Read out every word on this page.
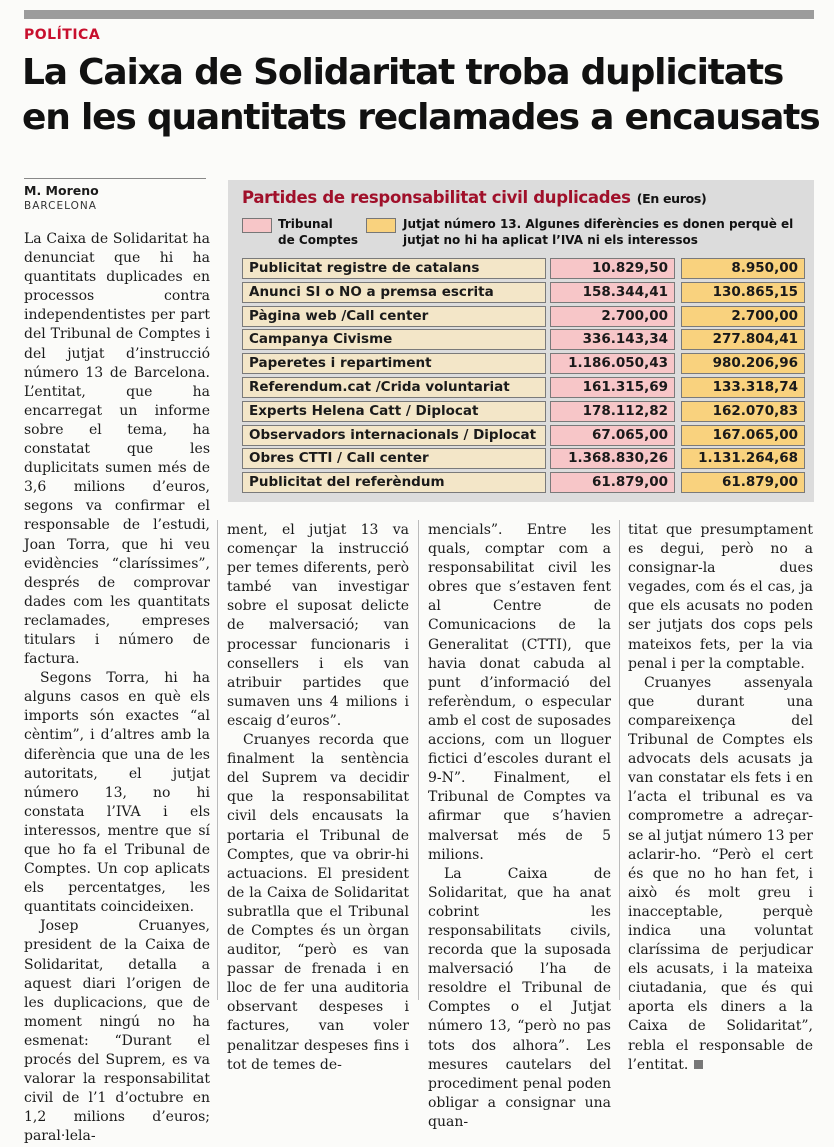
POLÍTICA
La Caixa de Solidaritat troba duplicitats
en les quantitats reclamades a encausats
M. Moreno
BARCELONA	Partides de responsabilitat civil duplicades (En euros)
Tribunal
de Comptes
Jutjat número 13. Algunes diferències es donen perquè el
jutjat no hi ha aplicat l’IVA ni els interessos
Publicitat registre de catalans	10.829,50	8.950,00
Anunci SI o NO a premsa escrita	158.344,41	130.865,15
Pàgina web /Call center	2.700,00	2.700,00
Campanya Civisme	336.143,34	277.804,41
Paperetes i repartiment	1.186.050,43	980.206,96
Referendum.cat /Crida voluntariat	161.315,69	133.318,74
Experts Helena Catt / Diplocat	178.112,82	162.070,83
Observadors internacionals / Diplocat	67.065,00	167.065,00
Obres CTTI / Call center	1.368.830,26	1.131.264,68
Publicitat del referèndum	61.879,00	61.879,00

La Caixa de Solidaritat ha denunciat que hi ha quantitats duplicades en processos contra independentistes per part del Tribunal de Comptes i del jutjat d’instrucció número 13 de Barcelona. L’entitat, que ha encarregat un informe sobre el tema, ha constatat que les duplicitats sumen més de 3,6 milions d’euros, segons va confirmar el responsable de l’estudi, Joan Torra, que hi veu evidències “claríssimes”, després de comprovar dades com les quantitats reclamades, empreses titulars i número de factura.

Segons Torra, hi ha alguns casos en què els imports són exactes “al cèntim”, i d’altres amb la diferència que una de les autoritats, el jutjat número 13, no hi constata l’IVA i els interessos, mentre que sí que ho fa el Tribunal de Comptes. Un cop aplicats els percentatges, les quantitats coincideixen.

Josep Cruanyes, president de la Caixa de Solidaritat, detalla a aquest diari l’origen de les duplicacions, que de moment ningú no ha esmenat: “Durant el procés del Suprem, es va valorar la responsabilitat civil de l’1 d’octubre en 1,2 milions d’euros; paral·lela-

ment, el jutjat 13 va començar la instrucció per temes diferents, però també van investigar sobre el suposat delicte de malversació; van processar funcionaris i consellers i els van atribuir partides que sumaven uns 4 milions i escaig d’euros”.

Cruanyes recorda que finalment la sentència del Suprem va decidir que la responsabilitat civil dels encausats la portaria el Tribunal de Comptes, que va obrir-hi actuacions. El president de la Caixa de Solidaritat subratlla que el Tribunal de Comptes és un òrgan auditor, “però es van passar de frenada i en lloc de fer una auditoria observant despeses i factures, van voler penalitzar despeses fins i tot de temes de-

mencials”. Entre les quals, comptar com a responsabilitat civil les obres que s’estaven fent al Centre de Comunicacions de la Generalitat (CTTI), que havia donat cabuda al punt d’informació del referèndum, o especular amb el cost de suposades accions, com un lloguer fictici d’escoles durant el 9-N”. Finalment, el Tribunal de Comptes va afirmar que s’havien malversat més de 5 milions.

La Caixa de Solidaritat, que ha anat cobrint les responsabilitats civils, recorda que la suposada malversació l’ha de resoldre el Tribunal de Comptes o el Jutjat número 13, “però no pas tots dos alhora”. Les mesures cautelars del procediment penal poden obligar a consignar una quan-

titat que presumptament es degui, però no a consignar-la dues vegades, com és el cas, ja que els acusats no poden ser jutjats dos cops pels mateixos fets, per la via penal i per la comptable.

Cruanyes assenyala que durant una compareixença del Tribunal de Comptes els advocats dels acusats ja van constatar els fets i en l’acta el tribunal es va comprometre a adreçar-se al jutjat número 13 per aclarir-ho. “Però el cert és que no ho han fet, i això és molt greu i inacceptable, perquè indica una voluntat claríssima de perjudicar els acusats, i la mateixa ciutadania, que és qui aporta els diners a la Caixa de Solidaritat”, rebla el responsable de l’entitat.
